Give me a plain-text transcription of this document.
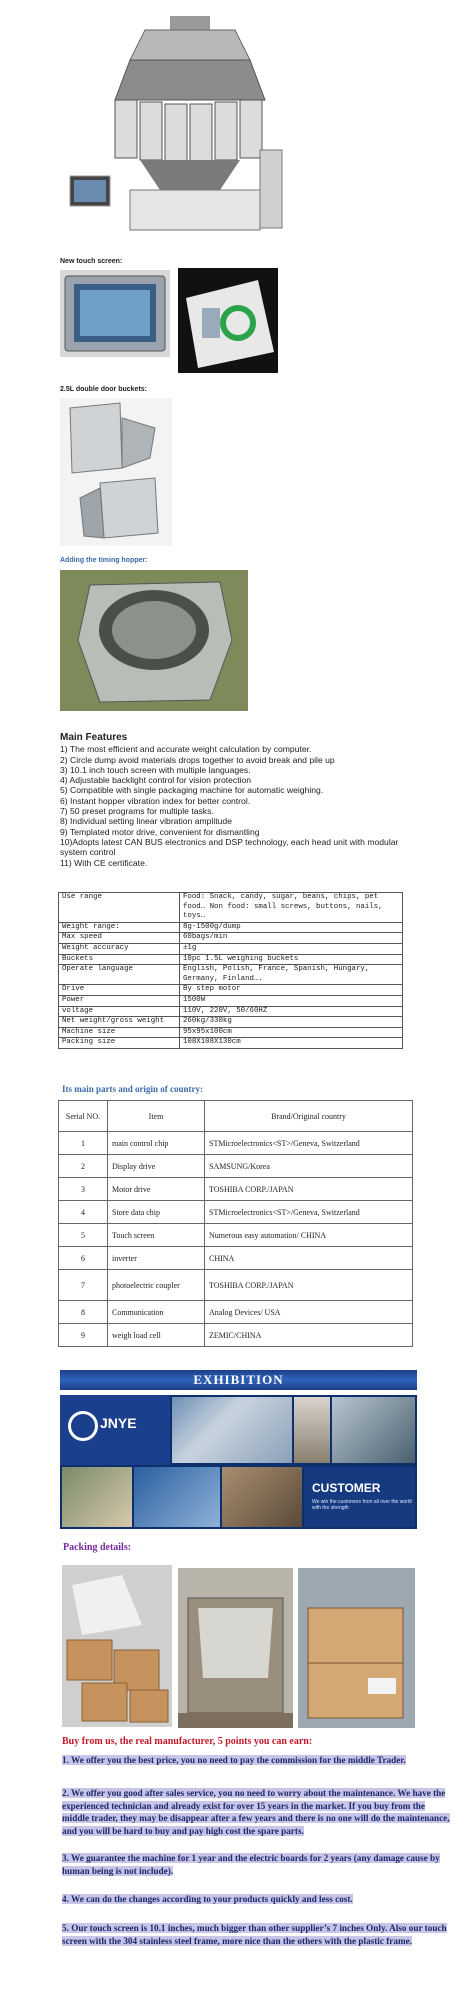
New touch screen:
2.5L double door buckets:
Adding the timing hopper:
Main Features
1) The most efficient and accurate weight calculation by computer.
2) Circle dump avoid materials drops together to avoid break and pile up
3) 10.1 inch touch screen with multiple languages.
4) Adjustable backlight control for vision protection
5) Compatible with single packaging machine for automatic weighing.
6) Instant hopper vibration index for better control.
7) 50 preset programs for multiple tasks.
8) Individual setting linear vibration amplitude
9) Templated motor drive, convenient for dismantling
10)Adopts latest CAN BUS electronics and DSP technology, each head unit with modular system control
11) With CE certificate.
Use range	Food: Snack, candy, sugar, beans, chips, pet food… Non food: small screws, buttons, nails, toys…
Weight range:	8g-1500g/dump
Max speed	60bags/min
Weight accuracy	±1g
Buckets	10pc 1.5L weighing buckets
Operate language	English, Polish, France, Spanish, Hungary, Germany, Finland….
Drive	By step motor
Power	1500W
voltage	110V, 220V, 50/60HZ
Net weight/gross weight	260kg/330kg
Machine size	95x95x100cm
Packing size	108X108X130cm
Its main parts and origin of country:
Serial NO.	Item	Brand/Original country
1	main control chip	STMicroelectronics<ST>/Geneva, Switzerland
2	Display drive	SAMSUNG/Korea
3	Motor drive	TOSHIBA CORP./JAPAN
4	Store data chip	STMicroelectronics<ST>/Geneva, Switzerland
5	Touch screen	Numerous easy automation/ CHINA
6	inverter	CHINA
7	photoelectric coupler	TOSHIBA CORP./JAPAN
8	Communication	Analog Devices/ USA
9	weigh load cell	ZEMIC/CHINA
EXHIBITION
JNYE
CUSTOMER
We win the customers from all over the world with the strength
Packing details:
Buy from us, the real manufacturer, 5 points you can earn:
1. We offer you the best price, you no need to pay the commission for the middle Trader.
2. We offer you good after sales service, you no need to worry about the maintenance. We have the experienced technician and already exist for over 15 years in the market. If you buy from the middle trader, they may be disappear after a few years and there is no one will do the maintenance, and you will be hard to buy and pay high cost the spare parts.
3. We guarantee the machine for 1 year and the electric boards for 2 years (any damage cause by human being is not include).
4. We can do the changes according to your products quickly and less cost.
5. Our touch screen is 10.1 inches, much bigger than other supplier’s 7 inches Only. Also our touch screen with the 304 stainless steel frame, more nice than the others with the plastic frame.
